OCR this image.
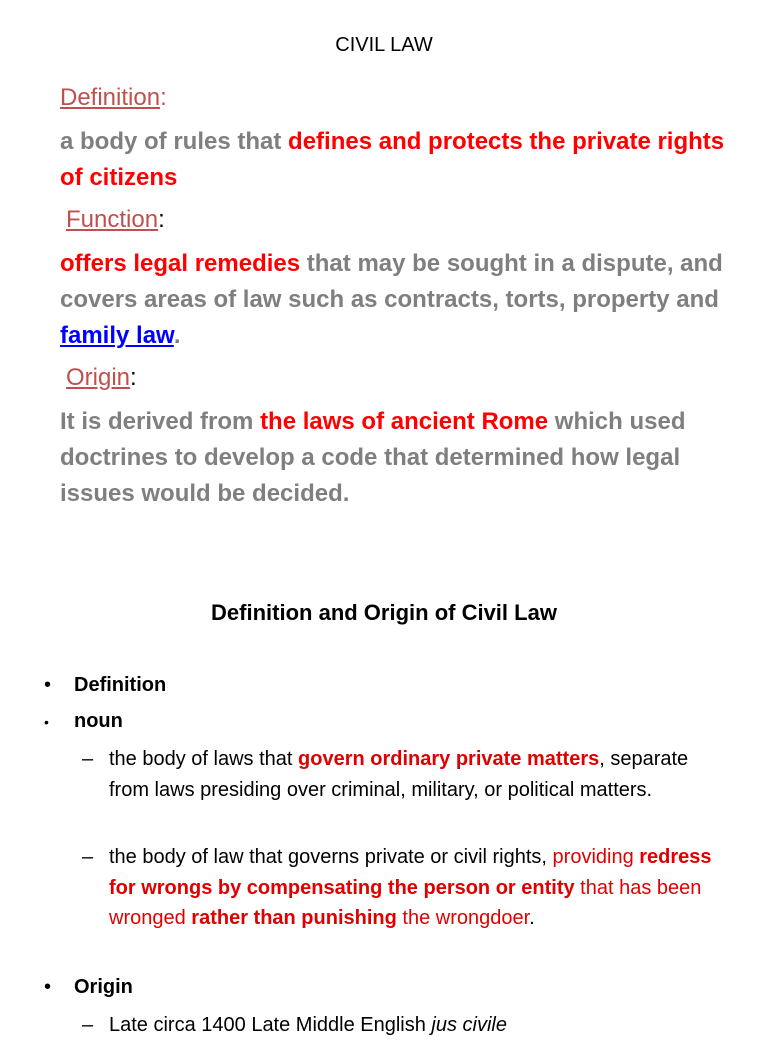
CIVIL LAW
Definition:
a body of rules that defines and protects the private rights of citizens
Function:
offers legal remedies that may be sought in a dispute, and covers areas of law such as contracts, torts, property and family law.
Origin:
It is derived from the laws of ancient Rome which used doctrines to develop a code that determined how legal issues would be decided.
Definition and Origin of Civil Law
• Definition
• noun
– the body of laws that govern ordinary private matters, separate from laws presiding over criminal, military, or political matters.
– the body of law that governs private or civil rights, providing redress for wrongs by compensating the person or entity that has been wronged rather than punishing the wrongdoer.
• Origin
– Late circa 1400 Late Middle English jus civile
